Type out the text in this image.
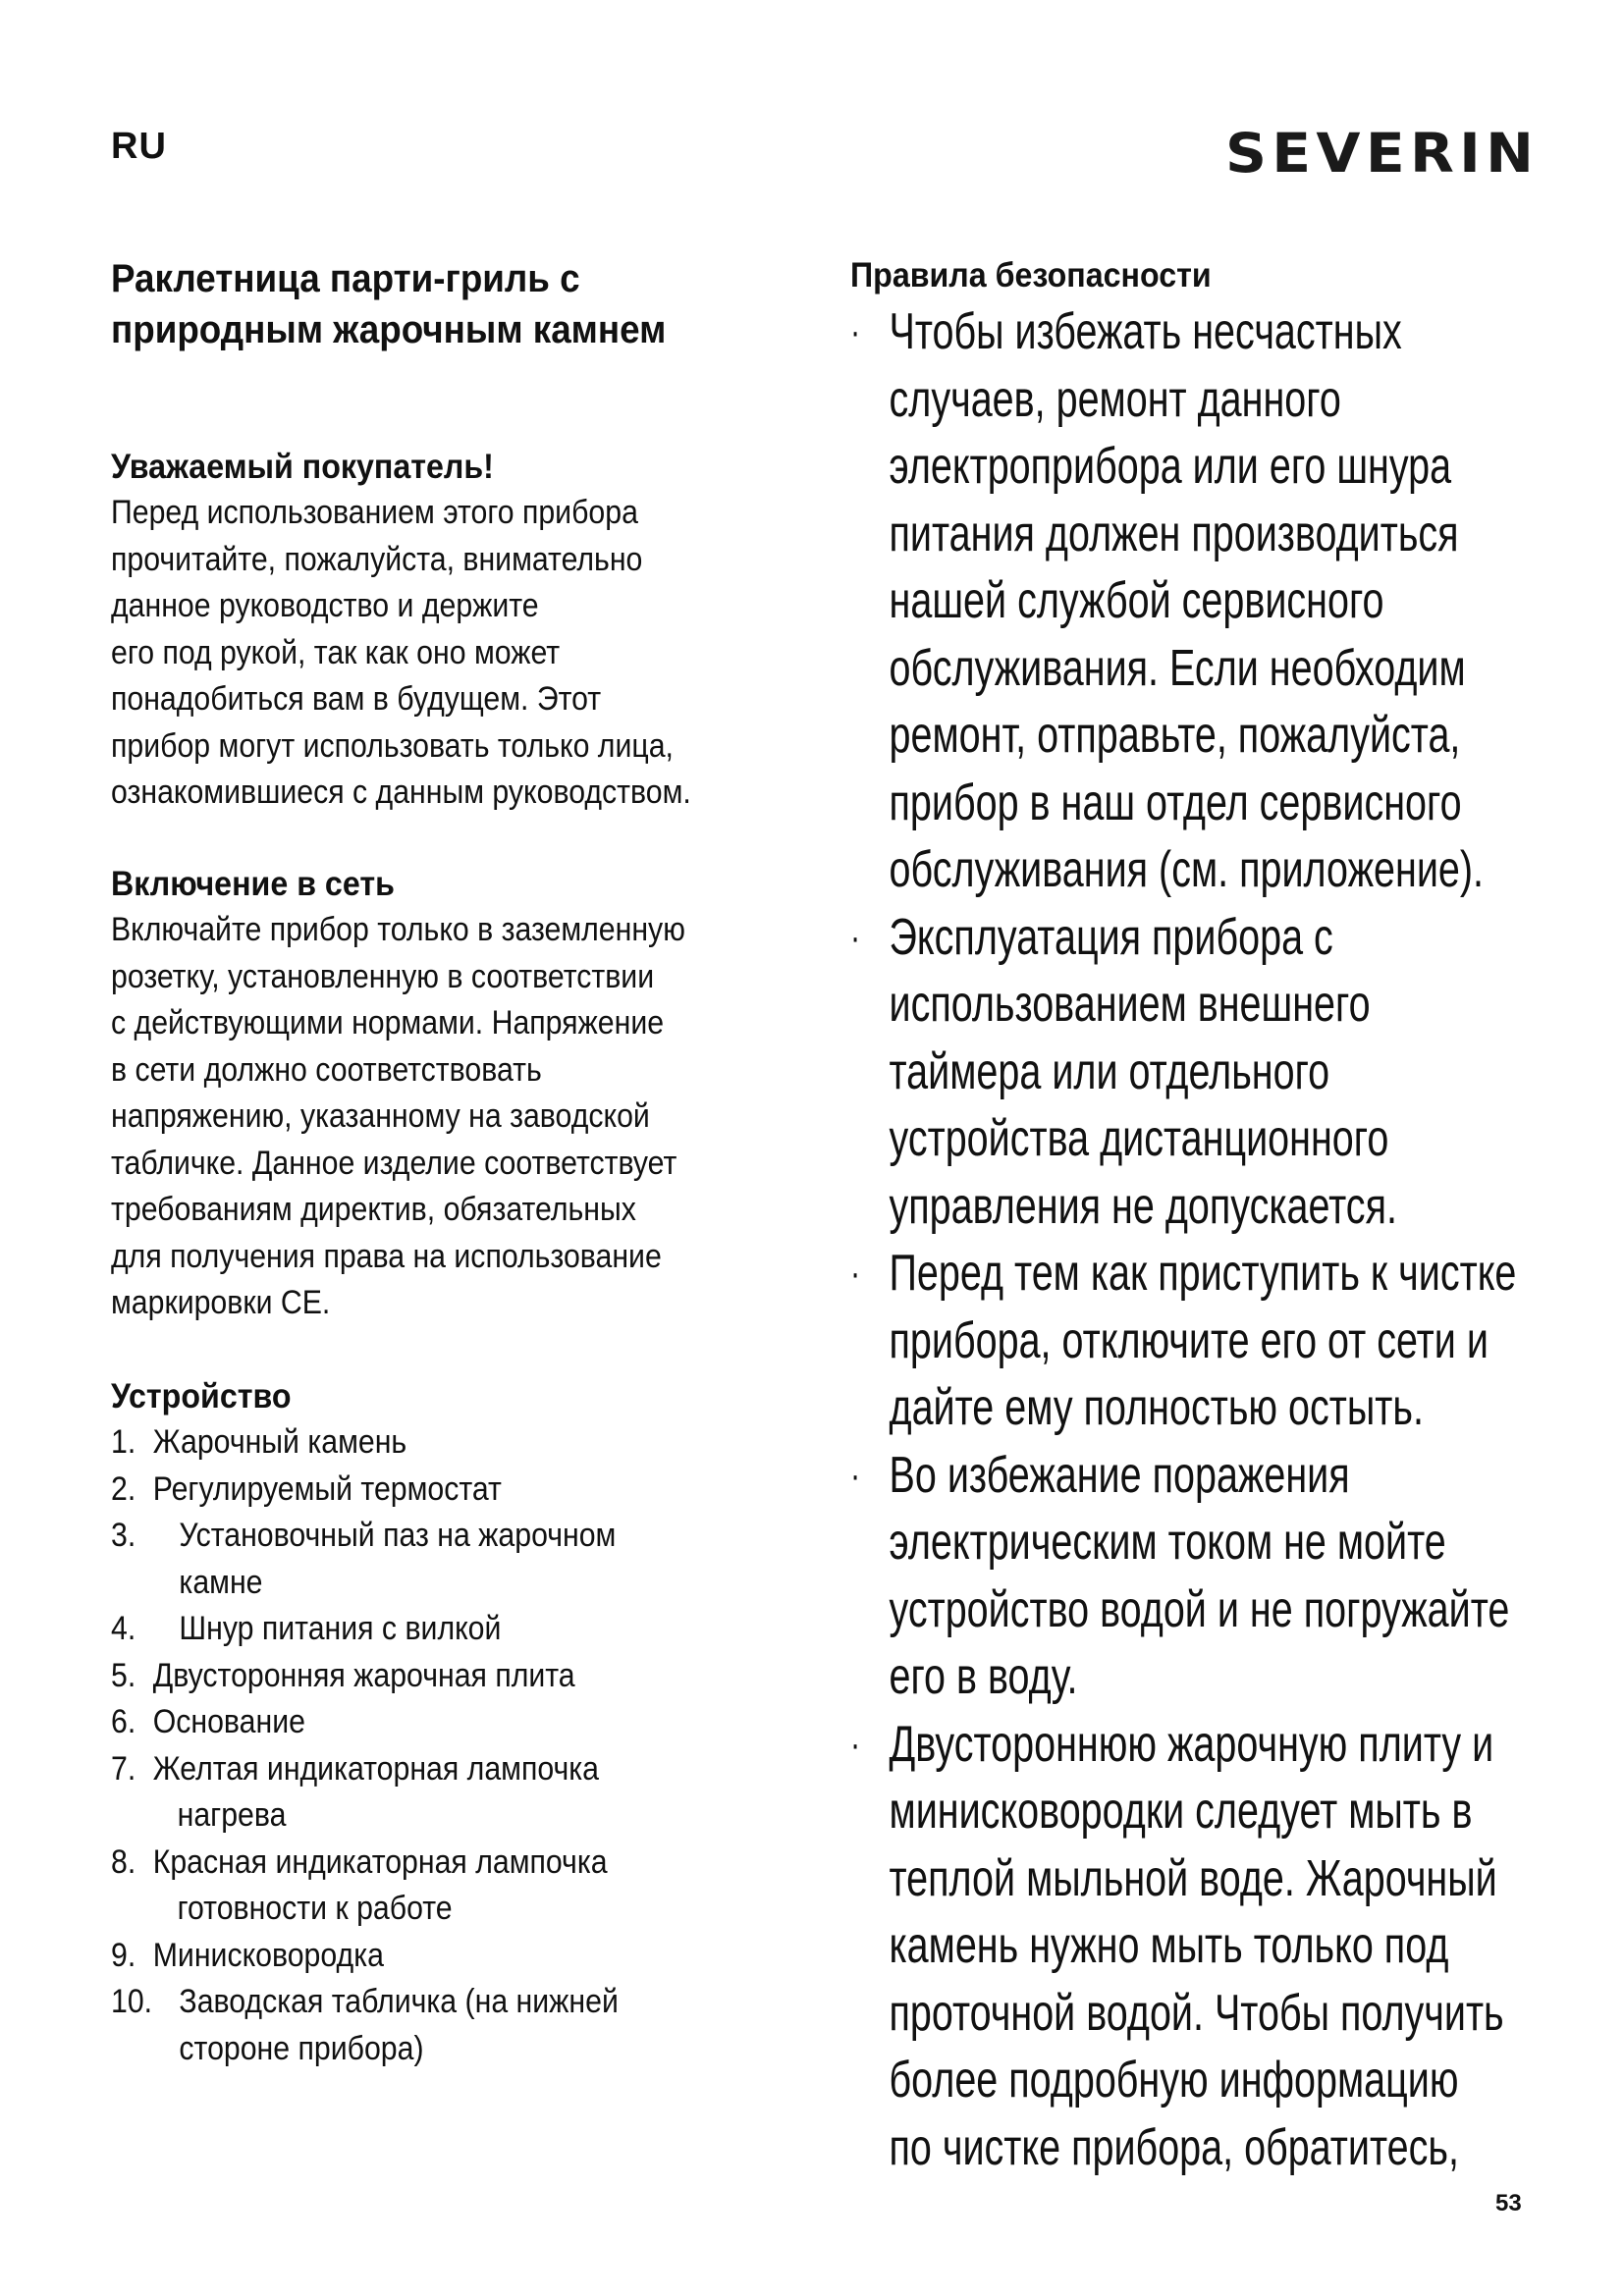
RU	SEVERIN
Раклетница парти-гриль с
природным жарочным камнем
Уважаемый покупатель!

Перед использованием этого прибора
прочитайте, пожалуйста, внимательно
данное руководство и держите
его под рукой, так как оно может
понадобиться вам в будущем. Этот
прибор могут использовать только лица,
ознакомившиеся с данным руководством.

Включение в сеть

Включайте прибор только в заземленную
розетку, установленную в соответствии
с действующими нормами. Напряжение
в сети должно соответствовать
напряжению, указанному на заводской
табличке. Данное изделие соответствует
требованиям директив, обязательных
для получения права на использование
маркировки CE.

Устройство
1. Жарочный камень
2. Регулируемый термостат
3.	Установочный паз на жарочном
камне
4.	Шнур питания с вилкой
5. Двусторонняя жарочная плита
6. Основание
7. Желтая индикаторная лампочка
нагрева
8. Красная индикаторная лампочка
готовности к работе
9. Минисковородка
10. Заводская табличка (на нижней
стороне прибора)
Правила безопасности
· Чтобы избежать несчастных
случаев, ремонт данного
электроприбора или его шнура
питания должен производиться
нашей службой сервисного
обслуживания. Если необходим
ремонт, отправьте, пожалуйста,
прибор в наш отдел сервисного
обслуживания (см. приложение).
· Эксплуатация прибора с
использованием внешнего
таймера или отдельного
устройства дистанционного
управления не допускается.
· Перед тем как приступить к чистке
прибора, отключите его от сети и
дайте ему полностью остыть.
· Во избежание поражения
электрическим током не мойте
устройство водой и не погружайте
его в воду.
· Двустороннюю жарочную плиту и
минисковородки следует мыть в
теплой мыльной воде. Жарочный
камень нужно мыть только под
проточной водой. Чтобы получить
более подробную информацию
по чистке прибора, обратитесь,
53
